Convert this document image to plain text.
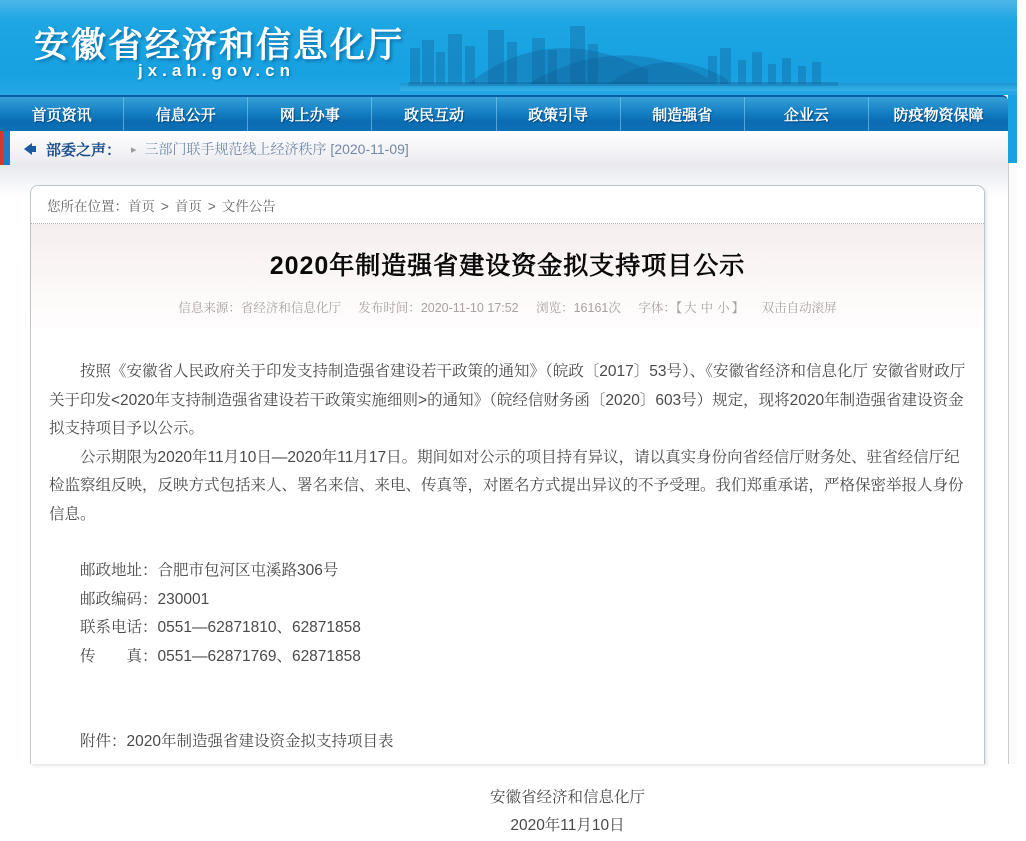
安徽省经济和信息化厅
jx.ah.gov.cn
首页资讯	信息公开	网上办事	政民互动	政策引导	制造强省	企业云	防疫物资保障
部委之声： ▸ 三部门联手规范线上经济秩序 [2020-11-09]
您所在位置：首页 > 首页 > 文件公告
2020年制造强省建设资金拟支持项目公示
信息来源：省经济和信息化厅 发布时间：2020-11-10 17:52 浏览：16161次 字体：【 大 中 小 】 双击自动滚屏

按照《安徽省人民政府关于印发支持制造强省建设若干政策的通知》（皖政〔2017〕53号）、《安徽省经济和信息化厅 安徽省财政厅关于印发<2020年支持制造强省建设若干政策实施细则>的通知》（皖经信财务函〔2020〕603号）规定，现将2020年制造强省建设资金拟支持项目予以公示。

公示期限为2020年11月10日—2020年11月17日。期间如对公示的项目持有异议，请以真实身份向省经信厅财务处、驻省经信厅纪检监察组反映，反映方式包括来人、署名来信、来电、传真等，对匿名方式提出异议的不予受理。我们郑重承诺，严格保密举报人身份信息。

邮政地址：合肥市包河区屯溪路306号
邮政编码：230001
联系电话：0551—62871810、62871858
传　　真：0551—62871769、62871858
附件：2020年制造强省建设资金拟支持项目表
安徽省经济和信息化厅
2020年11月10日
